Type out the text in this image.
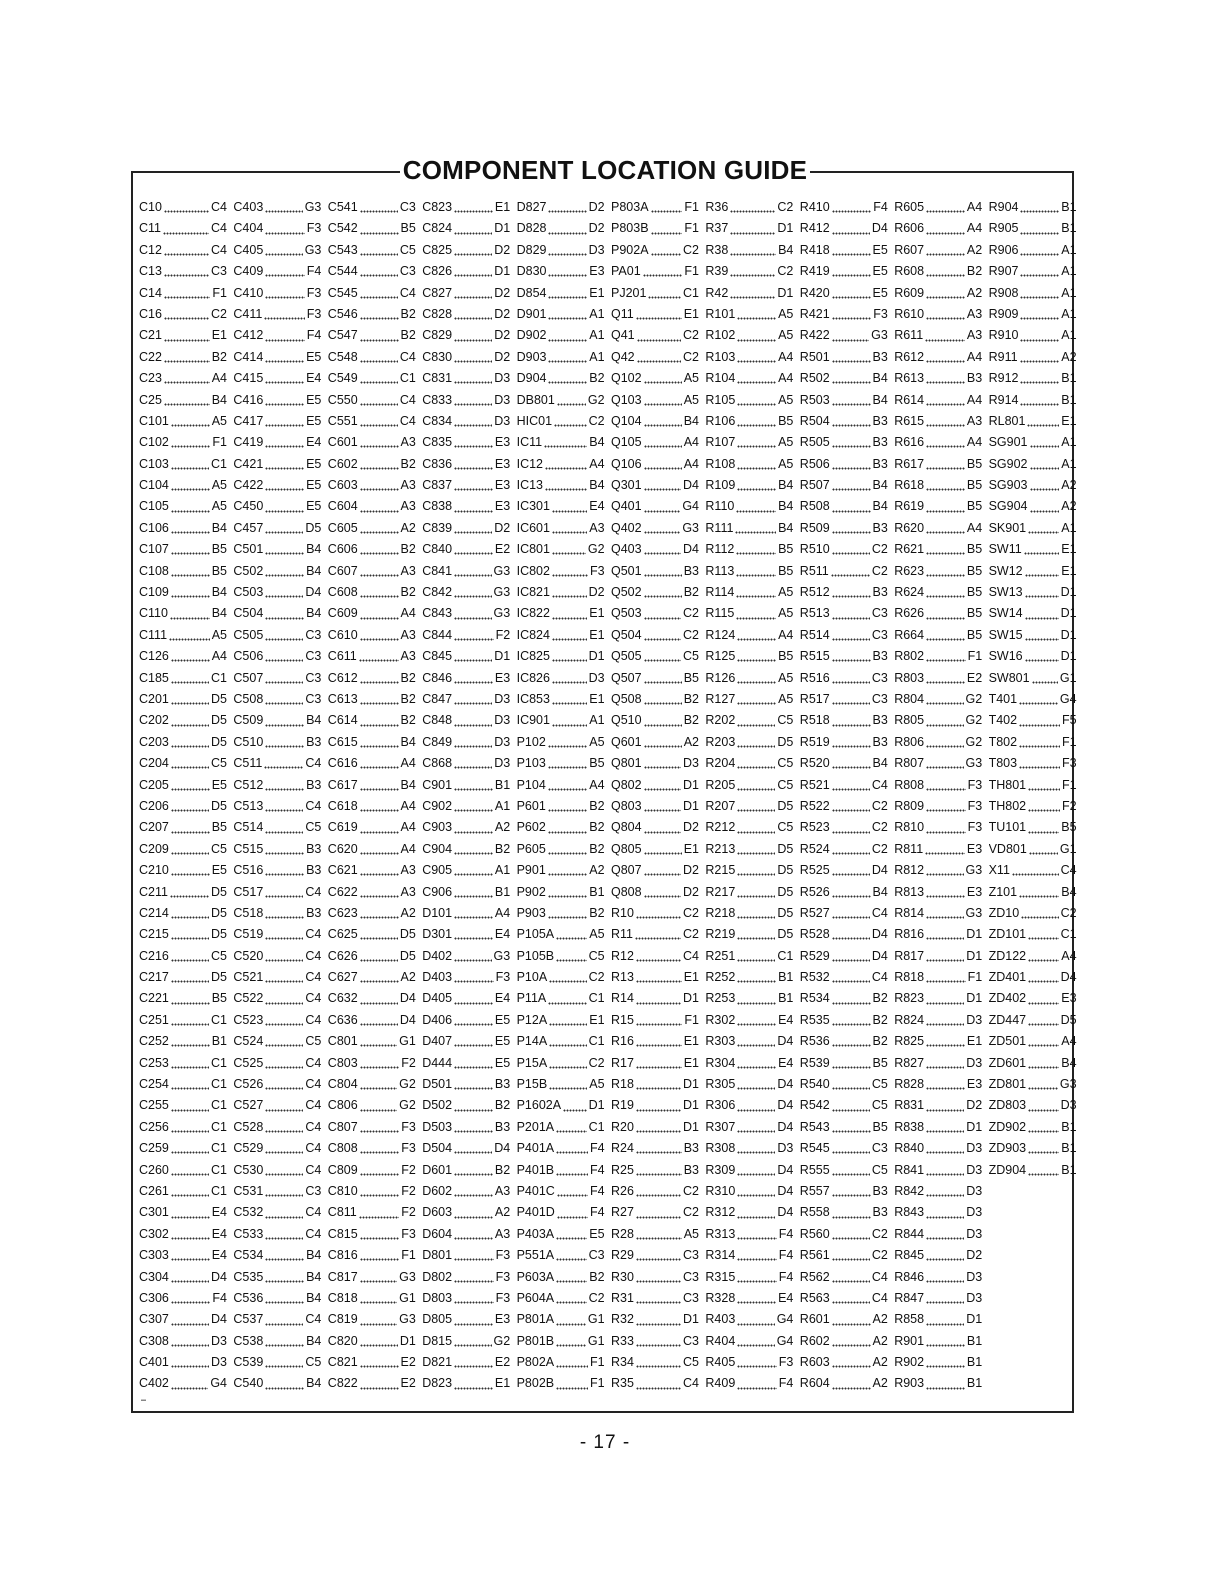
COMPONENT LOCATION GUIDE
C10	C4
C11	C4
C12	C4
C13	C3
C14	F1
C16	C2
C21	E1
C22	B2
C23	A4
C25	B4
C101	A5
C102	F1
C103	C1
C104	A5
C105	A5
C106	B4
C107	B5
C108	B5
C109	B4
C110	B4
C111	A5
C126	A4
C185	C1
C201	D5
C202	D5
C203	D5
C204	C5
C205	E5
C206	D5
C207	B5
C209	C5
C210	E5
C211	D5
C214	D5
C215	D5
C216	C5
C217	D5
C221	B5
C251	C1
C252	B1
C253	C1
C254	C1
C255	C1
C256	C1
C259	C1
C260	C1
C261	C1
C301	E4
C302	E4
C303	E4
C304	D4
C306	F4
C307	D4
C308	D3
C401	D3
C402	G4
C403	G3
C404	F3
C405	G3
C409	F4
C410	F3
C411	F3
C412	F4
C414	E5
C415	E4
C416	E5
C417	E5
C419	E4
C421	E5
C422	E5
C450	E5
C457	D5
C501	B4
C502	B4
C503	D4
C504	B4
C505	C3
C506	C3
C507	C3
C508	C3
C509	B4
C510	B3
C511	C4
C512	B3
C513	C4
C514	C5
C515	B3
C516	B3
C517	C4
C518	B3
C519	C4
C520	C4
C521	C4
C522	C4
C523	C4
C524	C5
C525	C4
C526	C4
C527	C4
C528	C4
C529	C4
C530	C4
C531	C3
C532	C4
C533	C4
C534	B4
C535	B4
C536	B4
C537	C4
C538	B4
C539	C5
C540	B4
C541	C3
C542	B5
C543	C5
C544	C3
C545	C4
C546	B2
C547	B2
C548	C4
C549	C1
C550	C4
C551	C4
C601	A3
C602	B2
C603	A3
C604	A3
C605	A2
C606	B2
C607	A3
C608	B2
C609	A4
C610	A3
C611	A3
C612	B2
C613	B2
C614	B2
C615	B4
C616	A4
C617	B4
C618	A4
C619	A4
C620	A4
C621	A3
C622	A3
C623	A2
C625	D5
C626	D5
C627	A2
C632	D4
C636	D4
C801	G1
C803	F2
C804	G2
C806	G2
C807	F3
C808	F3
C809	F2
C810	F2
C811	F2
C815	F3
C816	F1
C817	G3
C818	G1
C819	G3
C820	D1
C821	E2
C822	E2
C823	E1
C824	D1
C825	D2
C826	D1
C827	D2
C828	D2
C829	D2
C830	D2
C831	D3
C833	D3
C834	D3
C835	E3
C836	E3
C837	E3
C838	E3
C839	D2
C840	E2
C841	G3
C842	G3
C843	G3
C844	F2
C845	D1
C846	E3
C847	D3
C848	D3
C849	D3
C868	D3
C901	B1
C902	A1
C903	A2
C904	B2
C905	A1
C906	B1
D101	A4
D301	E4
D402	G3
D403	F3
D405	E4
D406	E5
D407	E5
D444	E5
D501	B3
D502	B2
D503	B3
D504	D4
D601	B2
D602	A3
D603	A2
D604	A3
D801	F3
D802	F3
D803	F3
D805	E3
D815	G2
D821	E2
D823	E1
D827	D2
D828	D2
D829	D3
D830	E3
D854	E1
D901	A1
D902	A1
D903	A1
D904	B2
DB801	G2
HIC01	C2
IC11	B4
IC12	A4
IC13	B4
IC301	E4
IC601	A3
IC801	G2
IC802	F3
IC821	D2
IC822	E1
IC824	E1
IC825	D1
IC826	D3
IC853	E1
IC901	A1
P102	A5
P103	B5
P104	A4
P601	B2
P602	B2
P605	B2
P901	A2
P902	B1
P903	B2
P105A	A5
P105B	C5
P10A	C2
P11A	C1
P12A	E1
P14A	C1
P15A	C2
P15B	A5
P1602A D1
P201A	C1
P401A	F4
P401B	F4
P401C	F4
P401D	F4
P403A	E5
P551A	C3
P603A	B2
P604A	C2
P801A	G1
P801B	G1
P802A	F1
P802B	F1
P803A	F1
P803B	F1
P902A	C2
PA01	F1
PJ201	C1
Q11	E1
Q41	C2
Q42	C2
Q102	A5
Q103	A5
Q104	B4
Q105	A4
Q106	A4
Q301	D4
Q401	G4
Q402	G3
Q403	D4
Q501	B3
Q502	B2
Q503	C2
Q504	C2
Q505	C5
Q507	B5
Q508	B2
Q510	B2
Q601	A2
Q801	D3
Q802	D1
Q803	D1
Q804	D2
Q805	E1
Q807	D2
Q808	D2
R10	C2
R11	C2
R12	C4
R13	E1
R14	D1
R15	F1
R16	E1
R17	E1
R18	D1
R19	D1
R20	D1
R24	B3
R25	B3
R26	C2
R27	C2
R28	A5
R29	C3
R30	C3
R31	C3
R32	D1
R33	C3
R34	C5
R35	C4
R36	C2
R37	D1
R38	B4
R39	C2
R42	D1
R101	A5
R102	A5
R103	A4
R104	A4
R105	A5
R106	B5
R107	A5
R108	A5
R109	B4
R110	B4
R111	B4
R112	B5
R113	B5
R114	A5
R115	A5
R124	A4
R125	B5
R126	A5
R127	A5
R202	C5
R203	D5
R204	C5
R205	C5
R207	D5
R212	C5
R213	D5
R215	D5
R217	D5
R218	D5
R219	D5
R251	C1
R252	B1
R253	B1
R302	E4
R303	D4
R304	E4
R305	D4
R306	D4
R307	D4
R308	D3
R309	D4
R310	D4
R312	D4
R313	F4
R314	F4
R315	F4
R328	E4
R403	G4
R404	G4
R405	F3
R409	F4
R410	F4
R412	D4
R418	E5
R419	E5
R420	E5
R421	F3
R422	G3
R501	B3
R502	B4
R503	B4
R504	B3
R505	B3
R506	B3
R507	B4
R508	B4
R509	B3
R510	C2
R511	C2
R512	B3
R513	C3
R514	C3
R515	B3
R516	C3
R517	C3
R518	B3
R519	B3
R520	B4
R521	C4
R522	C2
R523	C2
R524	C2
R525	D4
R526	B4
R527	C4
R528	D4
R529	D4
R532	C4
R534	B2
R535	B2
R536	B2
R539	B5
R540	C5
R542	C5
R543	B5
R545	C3
R555	C5
R557	B3
R558	B3
R560	C2
R561	C2
R562	C4
R563	C4
R601	A2
R602	A2
R603	A2
R604	A2
R605	A4
R606	A4
R607	A2
R608	B2
R609	A2
R610	A3
R611	A3
R612	A4
R613	B3
R614	A4
R615	A3
R616	A4
R617	B5
R618	B5
R619	B5
R620	A4
R621	B5
R623	B5
R624	B5
R626	B5
R664	B5
R802	F1
R803	E2
R804	G2
R805	G2
R806	G2
R807	G3
R808	F3
R809	F3
R810	F3
R811	E3
R812	G3
R813	E3
R814	G3
R816	D1
R817	D1
R818	F1
R823	D1
R824	D3
R825	E1
R827	D3
R828	E3
R831	D2
R838	D1
R840	D3
R841	D3
R842	D3
R843	D3
R844	D3
R845	D2
R846	D3
R847	D3
R858	D1
R901	B1
R902	B1
R903	B1
R904	B1
R905	B1
R906	A1
R907	A1
R908	A1
R909	A1
R910	A1
R911	A2
R912	B1
R914	B1
RL801	E1
SG901	A1
SG902	A1
SG903	A2
SG904	A2
SK901	A1
SW11	E1
SW12	E1
SW13	D1
SW14	D1
SW15	D1
SW16	D1
SW801 G1
T401	G4
T402	F5
T802	F1
T803	F3
TH801	F1
TH802	F2
TU101	B5
VD801	G1
X11	C4
Z101	B4
ZD10	C2
ZD101	C1
ZD122	A4
ZD401	D4
ZD402	E3
ZD447	D5
ZD501	A4
ZD601	B4
ZD801	G3
ZD803	D3
ZD902	B1
ZD903	B1
ZD904	B1
▬
- 17 -
